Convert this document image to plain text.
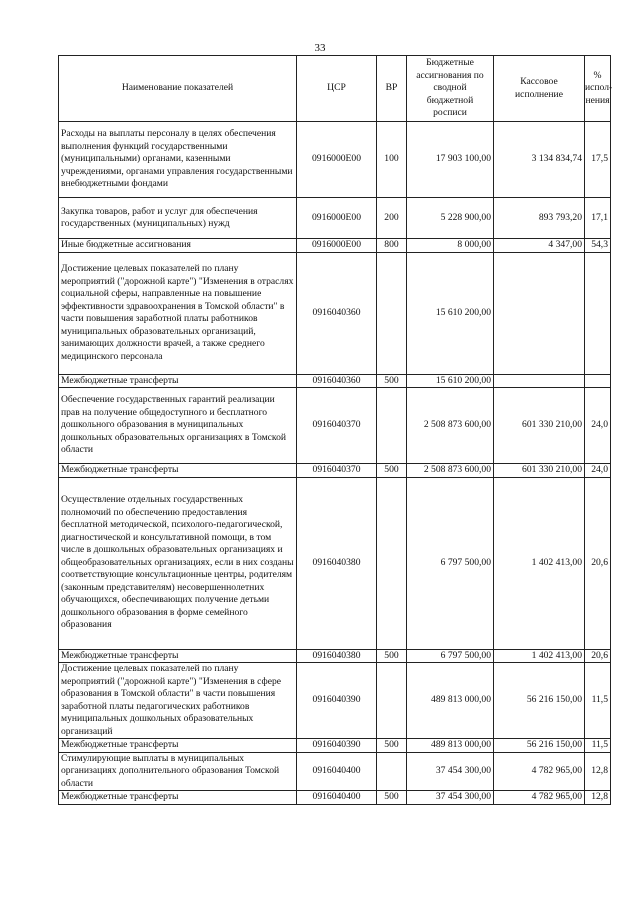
33
Наименование показателей	ЦСР	ВР	Бюджетные ассигнования по сводной бюджетной росписи	Кассовое исполнение	% испол-нения
Расходы на выплаты персоналу в целях обеспечения выполнения функций государственными (муниципальными) органами, казенными учреждениями, органами управления государственными внебюджетными фондами	0916000Е00	100	17 903 100,00	3 134 834,74	17,5
Закупка товаров, работ и услуг для обеспечения государственных (муниципальных) нужд	0916000Е00	200	5 228 900,00	893 793,20	17,1
Иные бюджетные ассигнования	0916000Е00	800	8 000,00	4 347,00	54,3
Достижение целевых показателей по плану мероприятий ("дорожной карте") "Изменения в отраслях социальной сферы, направленные на повышение эффективности здравоохранения в Томской области" в части повышения заработной платы работников муниципальных образовательных организаций, занимающих должности врачей, а также среднего медицинского персонала	0916040360		15 610 200,00		
Межбюджетные трансферты	0916040360	500	15 610 200,00		
Обеспечение государственных гарантий реализации прав на получение общедоступного и бесплатного дошкольного образования в муниципальных дошкольных образовательных организациях в Томской области	0916040370		2 508 873 600,00	601 330 210,00	24,0
Межбюджетные трансферты	0916040370	500	2 508 873 600,00	601 330 210,00	24,0
Осуществление отдельных государственных полномочий по обеспечению предоставления бесплатной методической, психолого-педагогической, диагностической и консультативной помощи, в том числе в дошкольных образовательных организациях и общеобразовательных организациях, если в них созданы соответствующие консультационные центры, родителям (законным представителям) несовершеннолетних обучающихся, обеспечивающих получение детьми дошкольного образования в форме семейного образования	0916040380		6 797 500,00	1 402 413,00	20,6
Межбюджетные трансферты	0916040380	500	6 797 500,00	1 402 413,00	20,6
Достижение целевых показателей по плану мероприятий ("дорожной карте") "Изменения в сфере образования в Томской области" в части повышения заработной платы педагогических работников муниципальных дошкольных образовательных организаций	0916040390		489 813 000,00	56 216 150,00	11,5
Межбюджетные трансферты	0916040390	500	489 813 000,00	56 216 150,00	11,5
Стимулирующие выплаты в муниципальных организациях дополнительного образования Томской области	0916040400		37 454 300,00	4 782 965,00	12,8
Межбюджетные трансферты	0916040400	500	37 454 300,00	4 782 965,00	12,8
